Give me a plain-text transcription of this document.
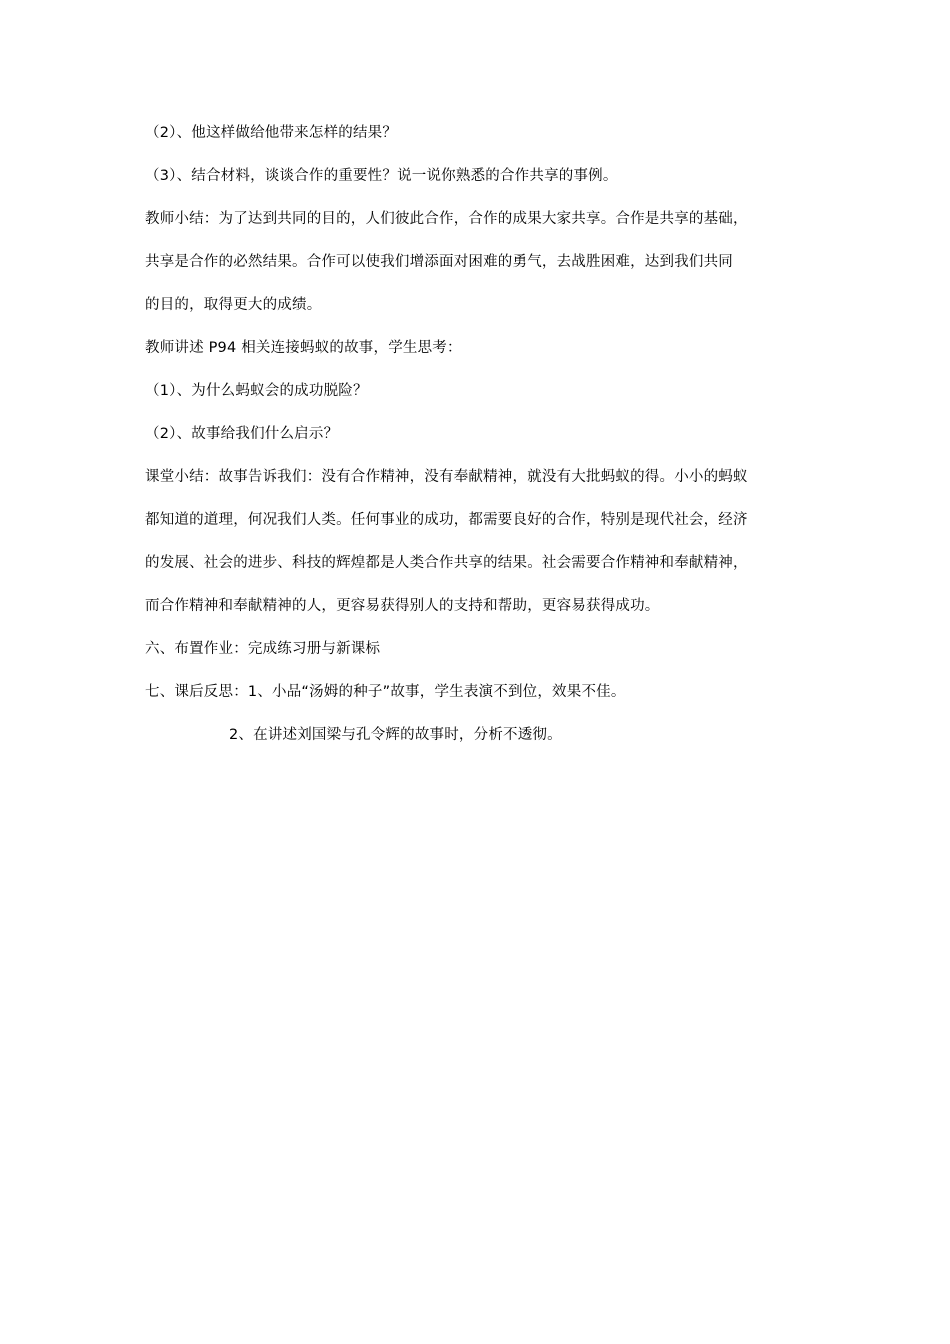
（2）、他这样做给他带来怎样的结果？

（3）、结合材料，谈谈合作的重要性？说一说你熟悉的合作共享的事例。

教师小结：为了达到共同的目的，人们彼此合作，合作的成果大家共享。合作是共享的基础，

共享是合作的必然结果。合作可以使我们增添面对困难的勇气，去战胜困难，达到我们共同

的目的，取得更大的成绩。

教师讲述 P94 相关连接蚂蚁的故事，学生思考：

（1）、为什么蚂蚁会的成功脱险？

（2）、故事给我们什么启示？

课堂小结：故事告诉我们：没有合作精神，没有奉献精神，就没有大批蚂蚁的得。小小的蚂蚁

都知道的道理，何况我们人类。任何事业的成功，都需要良好的合作，特别是现代社会，经济

的发展、社会的进步、科技的辉煌都是人类合作共享的结果。社会需要合作精神和奉献精神，

而合作精神和奉献精神的人，更容易获得别人的支持和帮助，更容易获得成功。

六、布置作业：完成练习册与新课标

七、课后反思：1、小品“汤姆的种子”故事，学生表演不到位，效果不佳。

2、在讲述刘国梁与孔令辉的故事时，分析不透彻。
